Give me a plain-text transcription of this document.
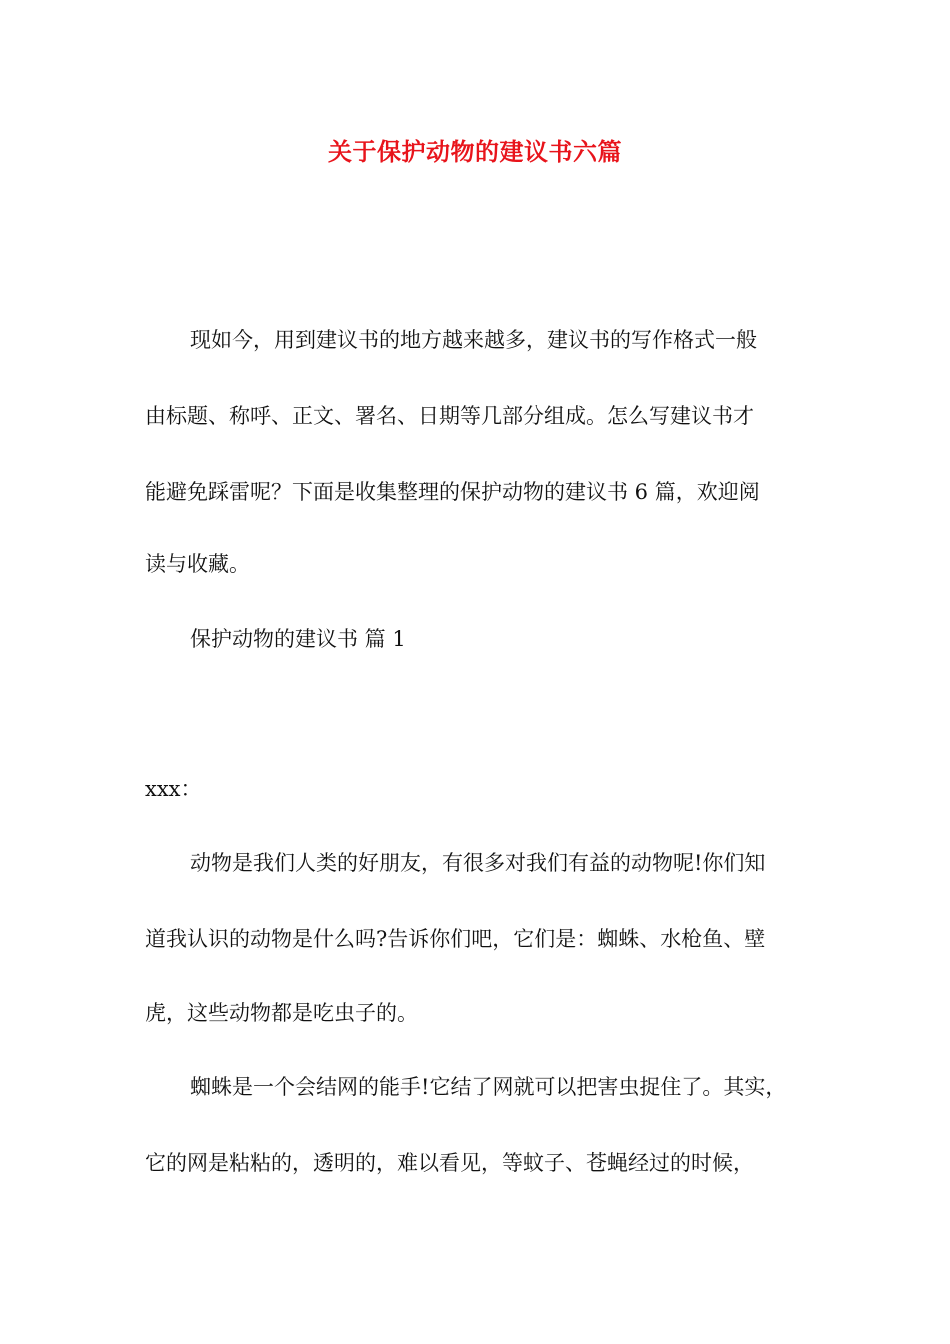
关于保护动物的建议书六篇
现如今，用到建议书的地方越来越多，建议书的写作格式一般
由标题、称呼、正文、署名、日期等几部分组成。怎么写建议书才
能避免踩雷呢？下面是收集整理的保护动物的建议书 6 篇，欢迎阅
读与收藏。
保护动物的建议书 篇 1
xxx：
动物是我们人类的好朋友，有很多对我们有益的动物呢!你们知
道我认识的动物是什么吗?告诉你们吧，它们是：蜘蛛、水枪鱼、壁
虎，这些动物都是吃虫子的。
蜘蛛是一个会结网的能手!它结了网就可以把害虫捉住了。其实，
它的网是粘粘的，透明的，难以看见，等蚊子、苍蝇经过的时候，
